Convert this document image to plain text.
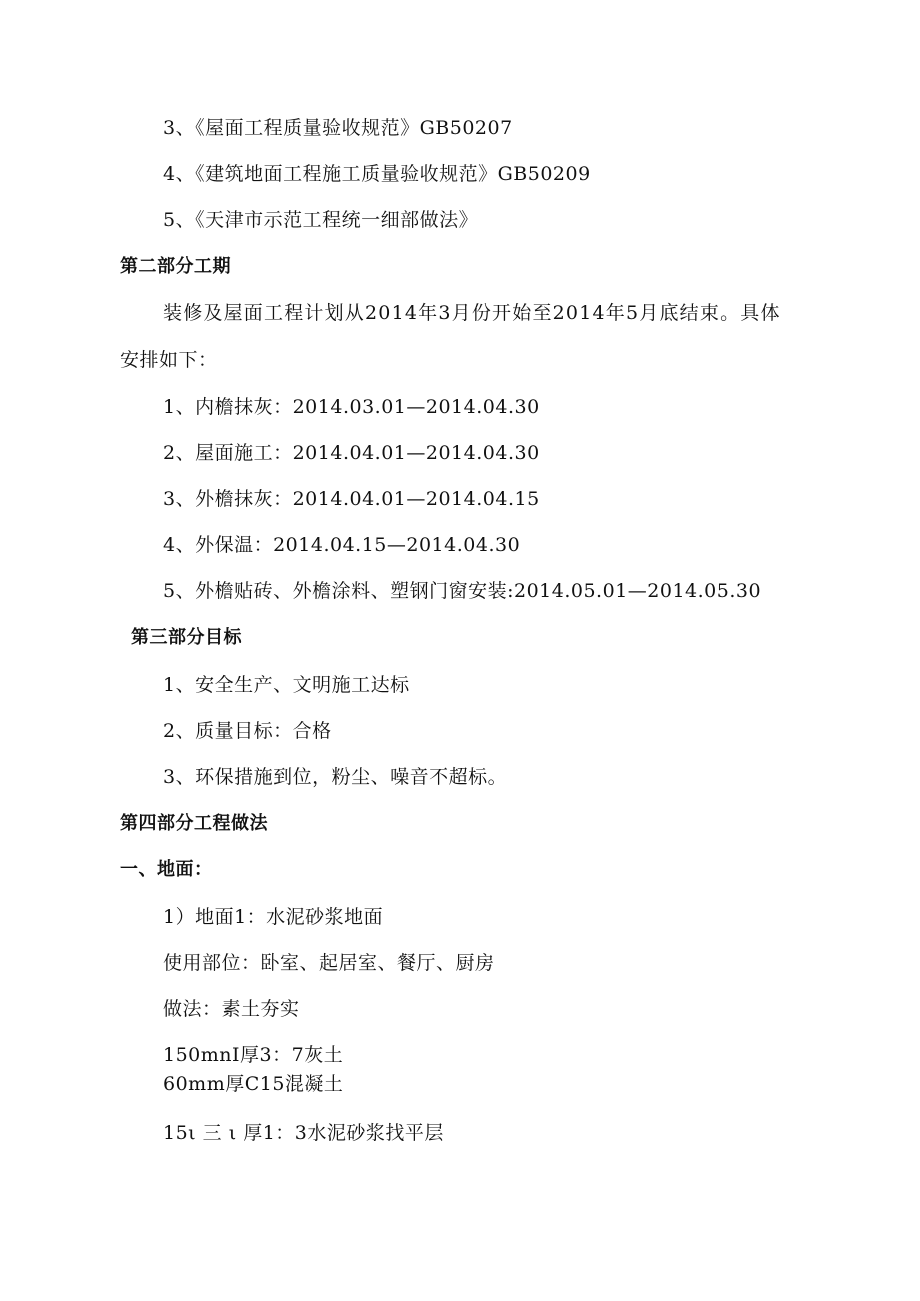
3、《屋面工程质量验收规范》GB50207
4、《建筑地面工程施工质量验收规范》GB50209
5、《天津市示范工程统一细部做法》
第二部分工期
装修及屋面工程计划从2014年3月份开始至2014年5月底结束。具体
安排如下：
1、内檐抹灰：2014.03.01—2014.04.30
2、屋面施工：2014.04.01—2014.04.30
3、外檐抹灰：2014.04.01—2014.04.15
4、外保温：2014.04.15—2014.04.30
5、外檐贴砖、外檐涂料、塑钢门窗安装:2014.05.01—2014.05.30
第三部分目标
1、安全生产、文明施工达标
2、质量目标：合格
3、环保措施到位，粉尘、噪音不超标。
第四部分工程做法
一、地面：
1）地面1：水泥砂浆地面
使用部位：卧室、起居室、餐厅、厨房
做法：素土夯实
150mnI厚3：7灰土
60mm厚C15混凝土
15ι 三 ι 厚1：3水泥砂浆找平层
